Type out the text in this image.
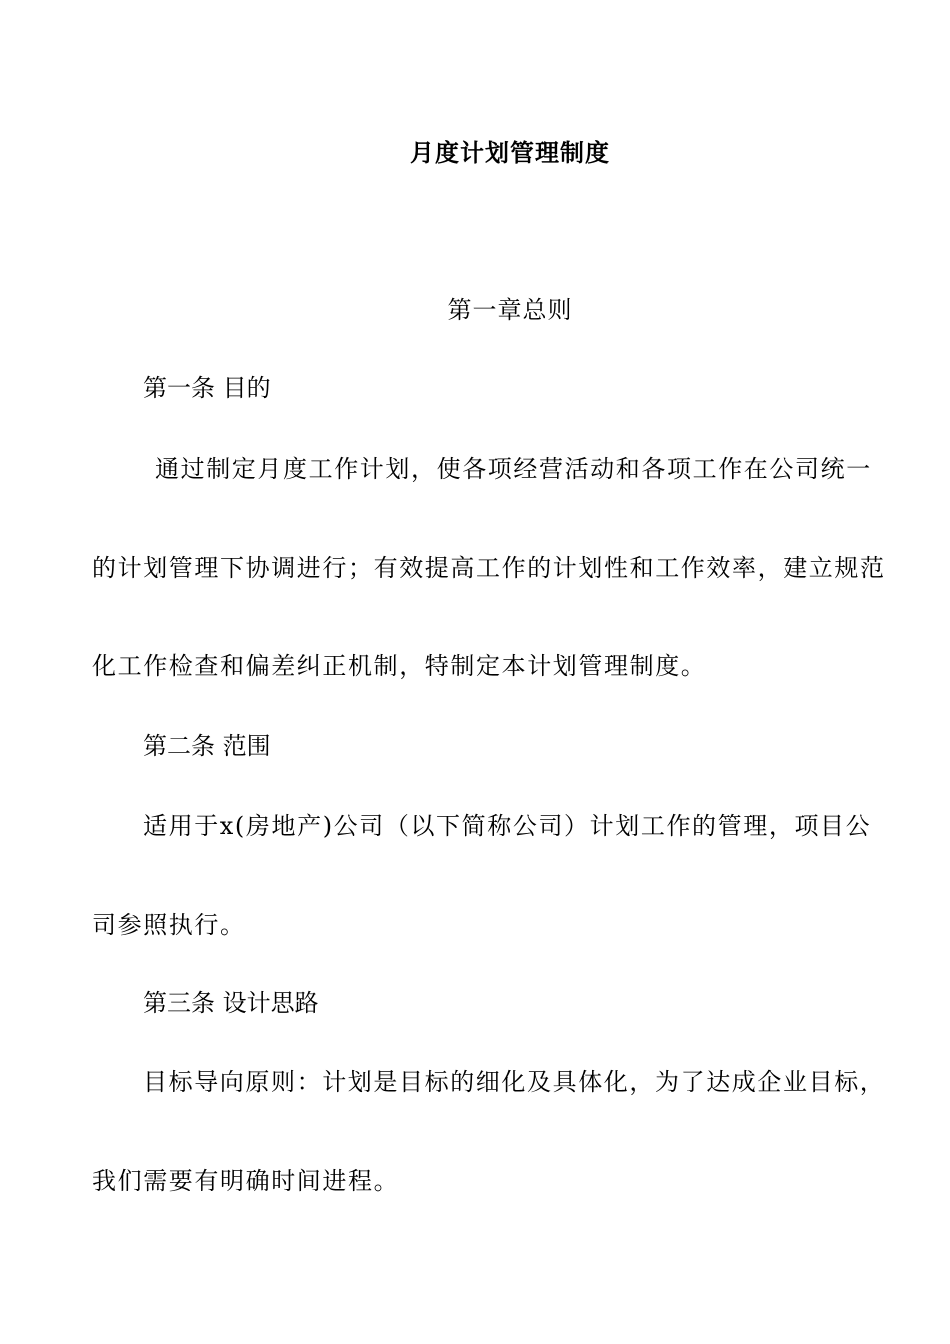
月度计划管理制度
第一章总则
第一条 目的
通过制定月度工作计划，使各项经营活动和各项工作在公司统一
的计划管理下协调进行；有效提高工作的计划性和工作效率，建立规范
化工作检查和偏差纠正机制，特制定本计划管理制度。
第二条 范围
适用于x(房地产)公司（以下简称公司）计划工作的管理，项目公
司参照执行。
第三条 设计思路
目标导向原则：计划是目标的细化及具体化，为了达成企业目标，
我们需要有明确时间进程。
